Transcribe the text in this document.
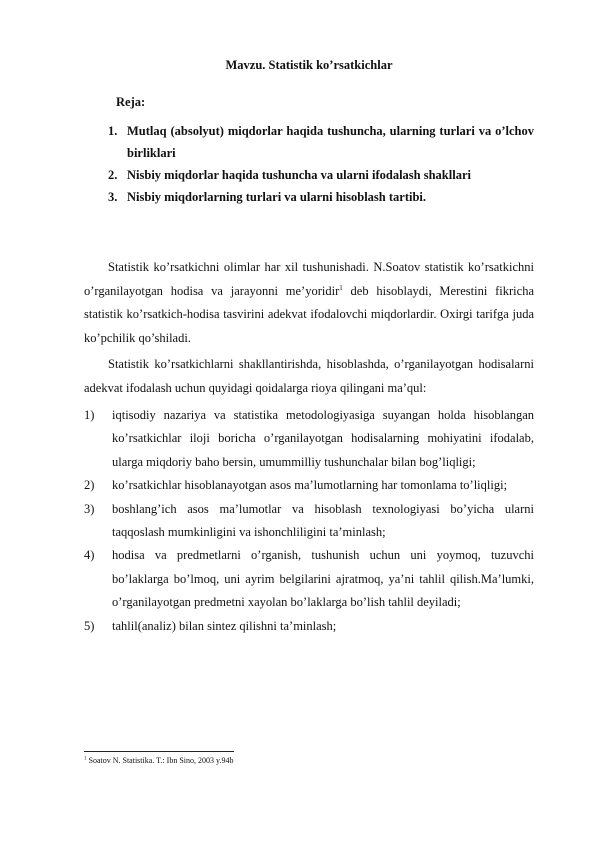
Mavzu. Statistik ko’rsatkichlar
Reja:
1. Mutlaq (absolyut) miqdorlar haqida tushuncha, ularning turlari va o’lchov birliklari
2. Nisbiy miqdorlar haqida tushuncha va ularni ifodalash shakllari
3. Nisbiy miqdorlarning turlari va ularni hisoblash tartibi.

Statistik ko’rsatkichni olimlar har xil tushunishadi. N.Soatov statistik ko’rsatkichni o’rganilayotgan hodisa va jarayonni me’yoridir$^1$ deb hisoblaydi, Merestini fikricha statistik ko’rsatkich-hodisa tasvirini adekvat ifodalovchi miqdorlardir. Oxirgi tarifga juda ko’pchilik qo’shiladi.

Statistik ko’rsatkichlarni shakllantirishda, hisoblashda, o’rganilayotgan hodisalarni adekvat ifodalash uchun quyidagi qoidalarga rioya qilingani ma’qul:

1) iqtisodiy nazariya va statistika metodologiyasiga suyangan holda hisoblangan ko’rsatkichlar iloji boricha o’rganilayotgan hodisalarning mohiyatini ifodalab, ularga miqdoriy baho bersin, umummilliy tushunchalar bilan bog’liqligi;
2) ko’rsatkichlar hisoblanayotgan asos ma’lumotlarning har tomonlama to’liqligi;
3) boshlang’ich asos ma’lumotlar va hisoblash texnologiyasi bo’yicha ularni taqqoslash mumkinligini va ishonchliligini ta’minlash;
4) hodisa va predmetlarni o’rganish, tushunish uchun uni yoymoq, tuzuvchi bo’laklarga bo’lmoq, uni ayrim belgilarini ajratmoq, ya’ni tahlil qilish.Ma’lumki, o’rganilayotgan predmetni xayolan bo’laklarga bo’lish tahlil deyiladi;
5) tahlil(analiz) bilan sintez qilishni ta’minlash;
$^1$ Soatov N. Statistika. T.: Ibn Sino, 2003 y.94b
